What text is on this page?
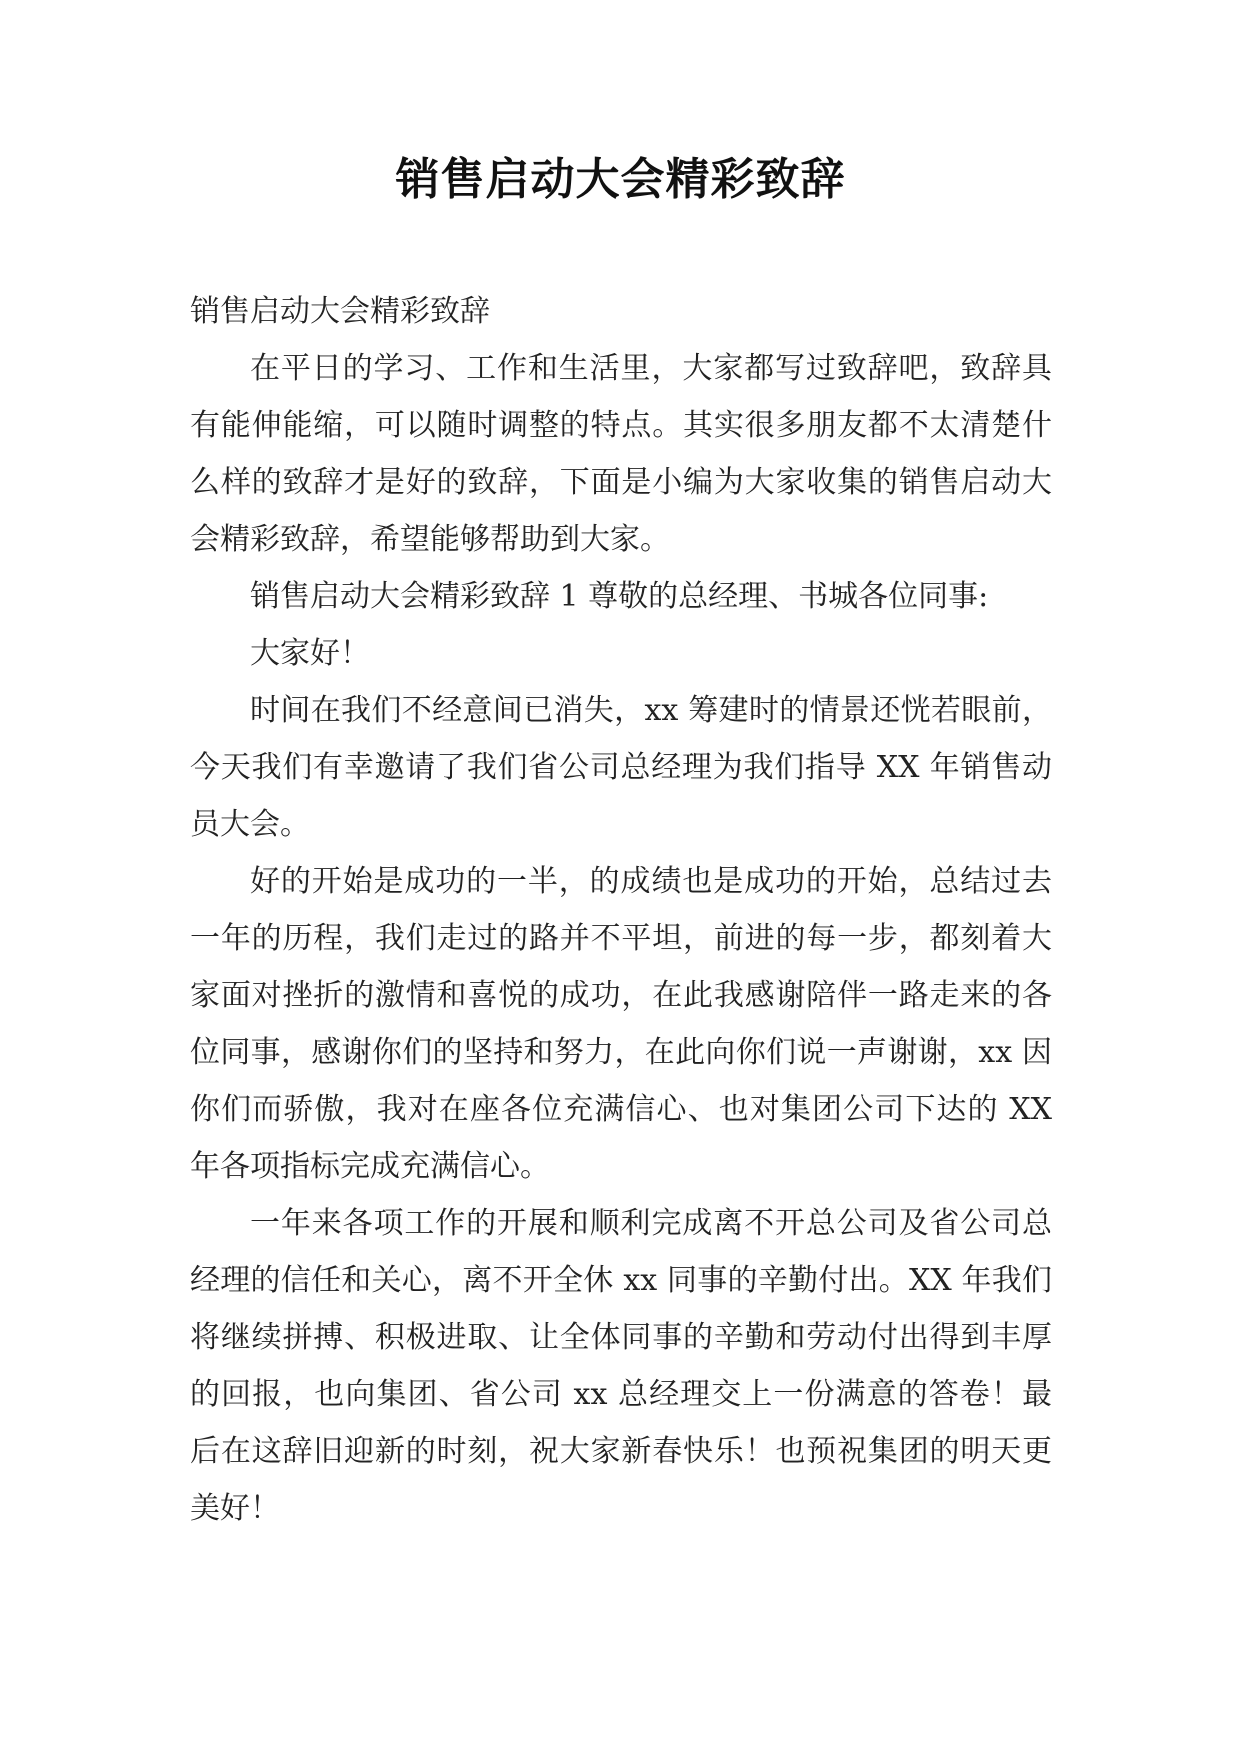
销售启动大会精彩致辞

销售启动大会精彩致辞

在平日的学习、工作和生活里，大家都写过致辞吧，致辞具有能伸能缩，可以随时调整的特点。其实很多朋友都不太清楚什么样的致辞才是好的致辞，下面是小编为大家收集的销售启动大会精彩致辞，希望能够帮助到大家。

销售启动大会精彩致辞 1 尊敬的总经理、书城各位同事:

大家好！

时间在我们不经意间已消失，xx 筹建时的情景还恍若眼前，今天我们有幸邀请了我们省公司总经理为我们指导 XX 年销售动员大会。

好的开始是成功的一半，的成绩也是成功的开始，总结过去一年的历程，我们走过的路并不平坦，前进的每一步，都刻着大家面对挫折的激情和喜悦的成功，在此我感谢陪伴一路走来的各位同事，感谢你们的坚持和努力，在此向你们说一声谢谢，xx 因你们而骄傲，我对在座各位充满信心、也对集团公司下达的 XX 年各项指标完成充满信心。

一年来各项工作的开展和顺利完成离不开总公司及省公司总经理的信任和关心，离不开全休 xx 同事的辛勤付出。XX 年我们将继续拼搏、积极进取、让全体同事的辛勤和劳动付出得到丰厚的回报，也向集团、省公司 xx 总经理交上一份满意的答卷！最后在这辞旧迎新的时刻，祝大家新春快乐！也预祝集团的明天更美好！
